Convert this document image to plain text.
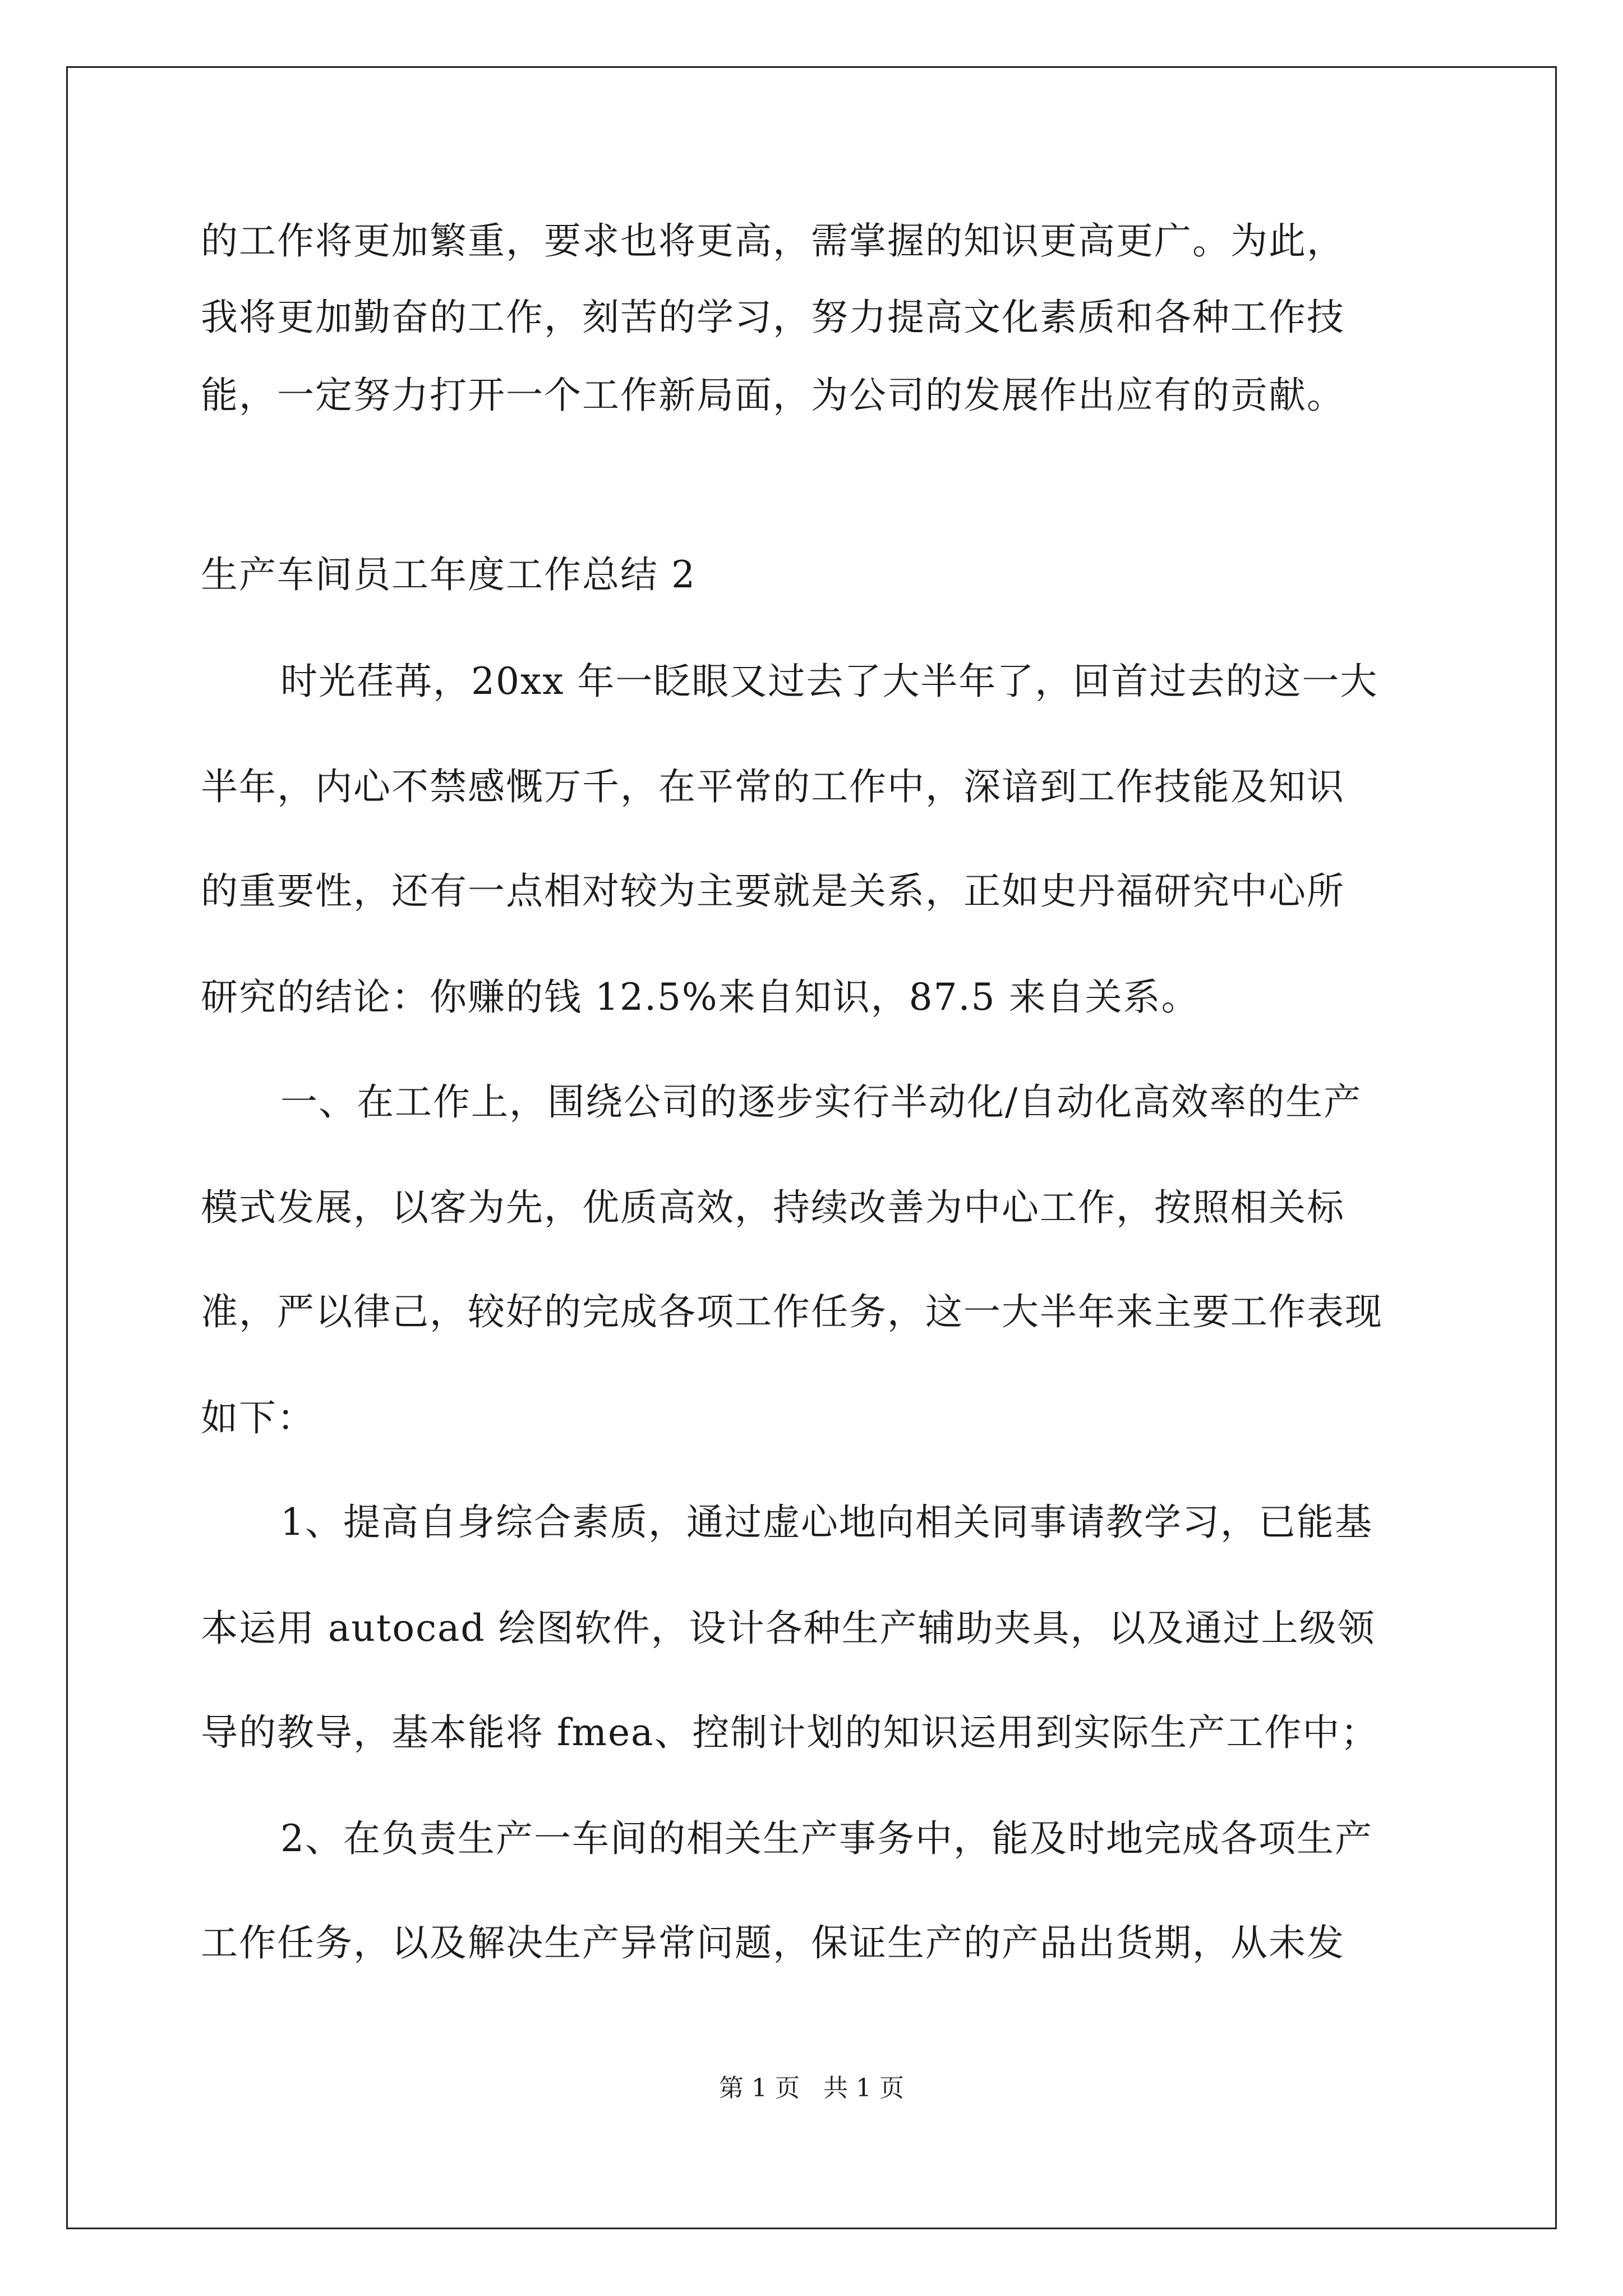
的工作将更加繁重，要求也将更高，需掌握的知识更高更广。为此，
我将更加勤奋的工作，刻苦的学习，努力提高文化素质和各种工作技
能，一定努力打开一个工作新局面，为公司的发展作出应有的贡献。
生产车间员工年度工作总结 2
时光荏苒，20xx 年一眨眼又过去了大半年了，回首过去的这一大
半年，内心不禁感慨万千，在平常的工作中，深谙到工作技能及知识
的重要性，还有一点相对较为主要就是关系，正如史丹福研究中心所
研究的结论：你赚的钱 12.5%来自知识，87.5 来自关系。
一、在工作上，围绕公司的逐步实行半动化/自动化高效率的生产
模式发展，以客为先，优质高效，持续改善为中心工作，按照相关标
准，严以律己，较好的完成各项工作任务，这一大半年来主要工作表现
如下：
1、提高自身综合素质，通过虚心地向相关同事请教学习，已能基
本运用 autocad 绘图软件，设计各种生产辅助夹具，以及通过上级领
导的教导，基本能将 fmea、控制计划的知识运用到实际生产工作中；
2、在负责生产一车间的相关生产事务中，能及时地完成各项生产
工作任务，以及解决生产异常问题，保证生产的产品出货期，从未发
第 1 页   共 1 页
